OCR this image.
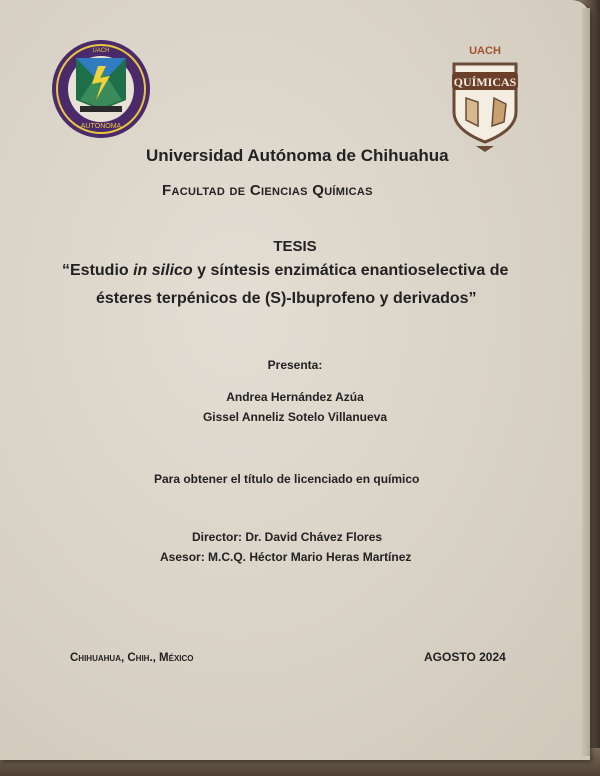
AUTÓNOMA
UACH	UACH
QUÍMICAS
Universidad Autónoma de Chihuahua
Facultad de Ciencias Químicas
TESIS
“Estudio in silico y síntesis enzimática enantioselectiva de
ésteres terpénicos de (S)-Ibuprofeno y derivados”
Presenta:
Andrea Hernández Azúa
Gissel Anneliz Sotelo Villanueva
Para obtener el título de licenciado en químico
Director: Dr. David Chávez Flores
Asesor: M.C.Q. Héctor Mario Heras Martínez
Chihuahua, Chih., México	AGOSTO 2024
